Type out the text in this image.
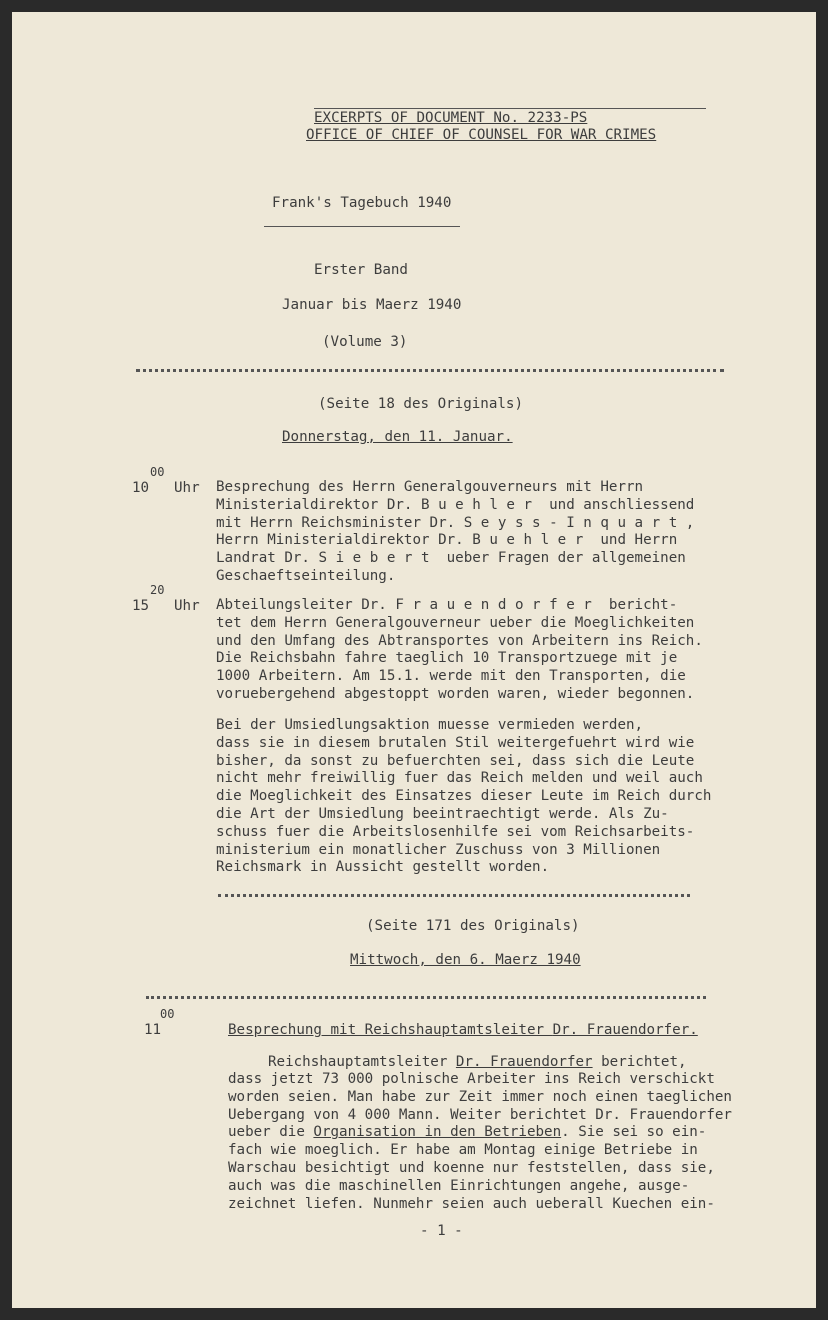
EXCERPTS OF DOCUMENT No. 2233-PS

OFFICE OF CHIEF OF COUNSEL FOR WAR CRIMES

Frank's Tagebuch 1940

Erster Band

Januar bis Maerz 1940

(Volume 3)

(Seite 18 des Originals)

Donnerstag, den 11. Januar.

00

10 Uhr Besprechung des Herrn Generalgouverneurs mit Herrn
Ministerialdirektor Dr. B u e h l e r  und anschliessend
mit Herrn Reichsminister Dr. S e y s s - I n q u a r t ,
Herrn Ministerialdirektor Dr. B u e h l e r  und Herrn
Landrat Dr. S i e b e r t  ueber Fragen der allgemeinen
Geschaeftseinteilung.

20

15 Uhr Abteilungsleiter Dr. F r a u e n d o r f e r  bericht-
tet dem Herrn Generalgouverneur ueber die Moeglichkeiten
und den Umfang des Abtransportes von Arbeitern ins Reich.
Die Reichsbahn fahre taeglich 10 Transportzuege mit je
1000 Arbeitern. Am 15.1. werde mit den Transporten, die
voruebergehend abgestoppt worden waren, wieder begonnen.

Bei der Umsiedlungsaktion muesse vermieden werden,
dass sie in diesem brutalen Stil weitergefuehrt wird wie
bisher, da sonst zu befuerchten sei, dass sich die Leute
nicht mehr freiwillig fuer das Reich melden und weil auch
die Moeglichkeit des Einsatzes dieser Leute im Reich durch
die Art der Umsiedlung beeintraechtigt werde. Als Zu-
schuss fuer die Arbeitslosenhilfe sei vom Reichsarbeits-
ministerium ein monatlicher Zuschuss von 3 Millionen
Reichsmark in Aussicht gestellt worden.

(Seite 171 des Originals)

Mittwoch, den 6. Maerz 1940

00

11	Besprechung mit Reichshauptamtsleiter Dr. Frauendorfer.

Reichshauptamtsleiter Dr. Frauendorfer berichtet,

dass jetzt 73 000 polnische Arbeiter ins Reich verschickt
worden seien. Man habe zur Zeit immer noch einen taeglichen
Uebergang von 4 000 Mann. Weiter berichtet Dr. Frauendorfer
ueber die Organisation in den Betrieben. Sie sei so ein-
fach wie moeglich. Er habe am Montag einige Betriebe in
Warschau besichtigt und koenne nur feststellen, dass sie,
auch was die maschinellen Einrichtungen angehe, ausge-
zeichnet liefen. Nunmehr seien auch ueberall Kuechen ein-

- 1 -
